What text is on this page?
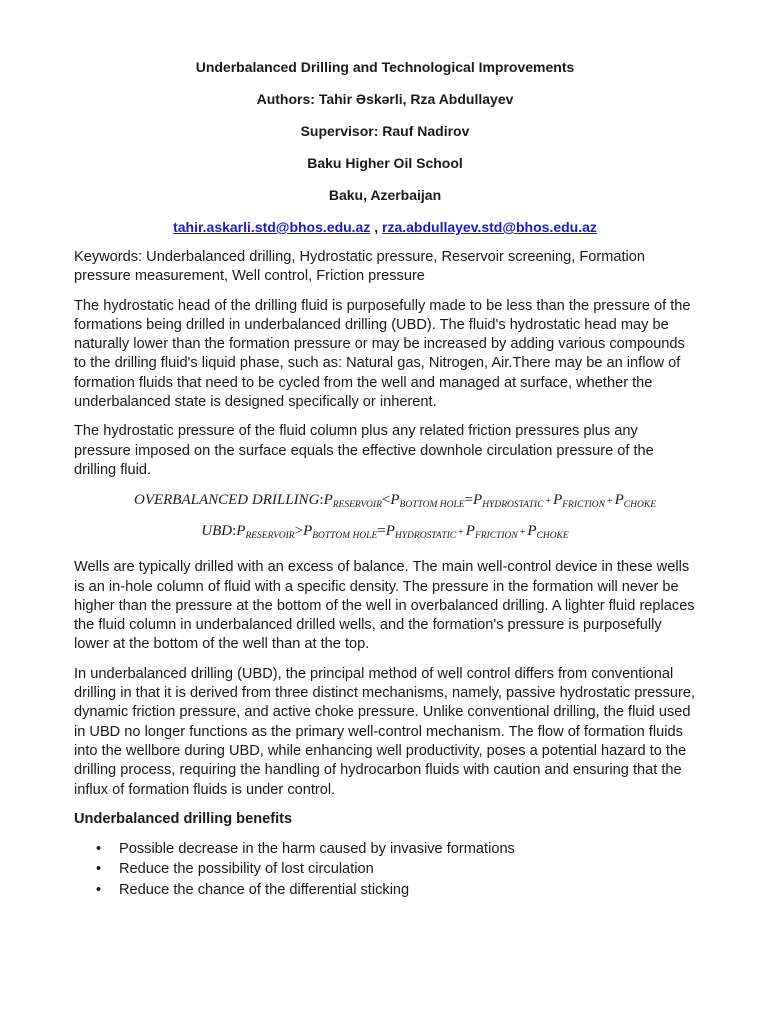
Underbalanced Drilling and Technological Improvements

Authors: Tahir Əskərli, Rza Abdullayev

Supervisor: Rauf Nadirov

Baku Higher Oil School

Baku, Azerbaijan

tahir.askarli.std@bhos.edu.az , rza.abdullayev.std@bhos.edu.az

Keywords: Underbalanced drilling, Hydrostatic pressure, Reservoir screening, Formation pressure measurement, Well control, Friction pressure

The hydrostatic head of the drilling fluid is purposefully made to be less than the pressure of the formations being drilled in underbalanced drilling (UBD). The fluid's hydrostatic head may be naturally lower than the formation pressure or may be increased by adding various compounds to the drilling fluid's liquid phase, such as: Natural gas, Nitrogen, Air.There may be an inflow of formation fluids that need to be cycled from the well and managed at surface, whether the underbalanced state is designed specifically or inherent.

The hydrostatic pressure of the fluid column plus any related friction pressures plus any pressure imposed on the surface equals the effective downhole circulation pressure of the drilling fluid.

OVERBALANCED $DRILLING:P_{RESERVOIR}<P_{BOTTOM HOLE}=P_{HYDROSTATIC} + P_{FRICTION} + P_{CHOKE}$
$UBD:P_{RESERVOIR}>P_{BOTTOM HOLE}=P_{HYDROSTATIC} + P_{FRICTION} + P_{CHOKE}$

Wells are typically drilled with an excess of balance. The main well-control device in these wells is an in-hole column of fluid with a specific density. The pressure in the formation will never be higher than the pressure at the bottom of the well in overbalanced drilling. A lighter fluid replaces the fluid column in underbalanced drilled wells, and the formation's pressure is purposefully lower at the bottom of the well than at the top.

In underbalanced drilling (UBD), the principal method of well control differs from conventional drilling in that it is derived from three distinct mechanisms, namely, passive hydrostatic pressure, dynamic friction pressure, and active choke pressure. Unlike conventional drilling, the fluid used in UBD no longer functions as the primary well-control mechanism. The flow of formation fluids into the wellbore during UBD, while enhancing well productivity, poses a potential hazard to the drilling process, requiring the handling of hydrocarbon fluids with caution and ensuring that the influx of formation fluids is under control.

Underbalanced drilling benefits

• Possible decrease in the harm caused by invasive formations
• Reduce the possibility of lost circulation
• Reduce the chance of the differential sticking
